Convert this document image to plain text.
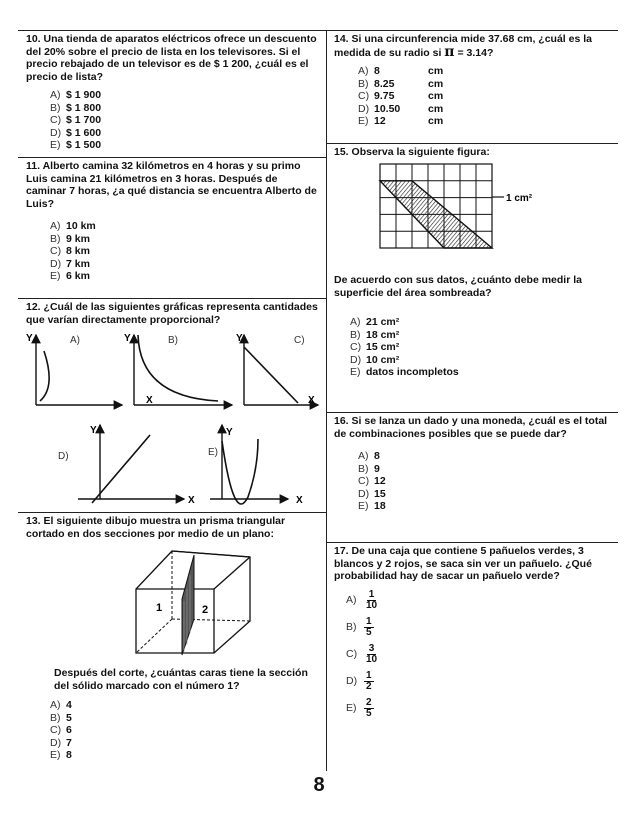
10. Una tienda de aparatos eléctricos ofrece un descuento del 20% sobre el precio de lista en los televisores. Si el precio rebajado de un televisor es de $ 1 200, ¿cuál es el precio de lista?
A) $ 1 900
B) $ 1 800
C) $ 1 700
D) $ 1 600
E) $ 1 500
11. Alberto camina 32 kilómetros en 4 horas y su primo Luis camina 21 kilómetros en 3 horas. Después de caminar 7 horas, ¿a qué distancia se encuentra Alberto de Luis?
A) 10 km
B) 9 km
C) 8 km
D) 7 km
E) 6 km
12. ¿Cuál de las siguientes gráficas representa cantidades que varían directamente proporcional?
Y	A)	Y
X
B)	Y	C)
X
Y
D)
X
Y
E)
X
13. El siguiente dibujo muestra un prisma triangular cortado en dos secciones por medio de un plano:
1	2
Después del corte, ¿cuántas caras tiene la sección del sólido marcado con el número 1?
A) 4
B) 5
C) 6
D) 7
E) 8
14. Si una circunferencia mide 37.68 cm, ¿cuál es la medida de su radio si π = 3.14?
A) 8	cm
B) 8.25	cm
C) 9.75	cm
D) 10.50	cm
E) 12	cm
15. Observa la siguiente figura:
1 cm²
De acuerdo con sus datos, ¿cuánto debe medir la superficie del área sombreada?
A) 21 cm²
B) 18 cm²
C) 15 cm²
D) 10 cm²
E) datos incompletos
16. Si se lanza un dado y una moneda, ¿cuál es el total de combinaciones posibles que se puede dar?
A) 8
B) 9
C) 12
D) 15
E) 18
17. De una caja que contiene 5 pañuelos verdes, 3 blancos y 2 rojos, se saca sin ver un pañuelo. ¿Qué probabilidad hay de sacar un pañuelo verde?
$A) \frac{1}{10}$
$B) \frac{1}{5}$
$C) \frac{3}{10}$
$D) \frac{1}{2}$
$E) \frac{2}{5}$
8
